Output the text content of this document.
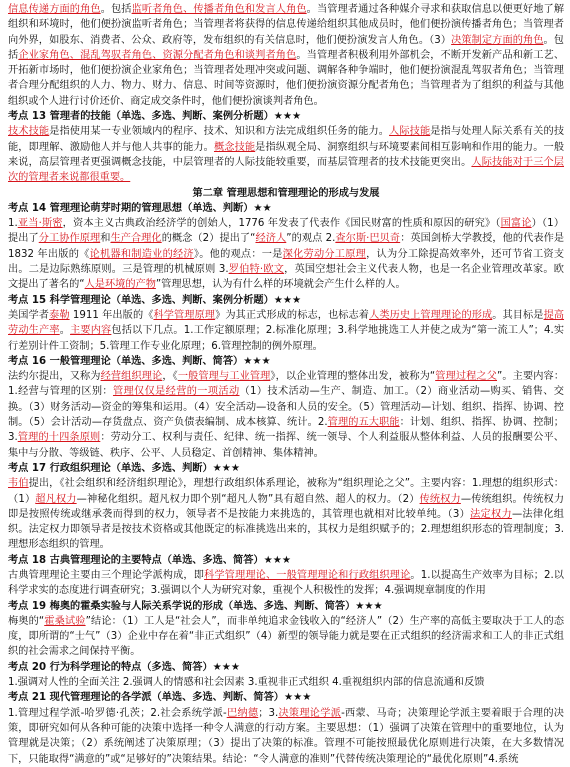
信息传递方面的角色。包括监听者角色、传播者角色和发言人角色。当管理者通过各种媒介寻求和获取信息以便更好地了解组织和环境时，他们便扮演监听者角色；当管理者将获得的信息传递给组织其他成员时，他们便扮演传播者角色；当管理者向外界，如股东、消费者、公众、政府等，发布组织的有关信息时，他们便扮演发言人角色。（3）决策制定方面的角色。包括企业家角色、混乱驾驭者角色、资源分配者角色和谈判者角色。当管理者积极利用外部机会，不断开发新产品和新工艺、开拓新市场时，他们便扮演企业家角色；当管理者处理冲突或问题、调解各种争端时，他们便扮演混乱驾驭者角色；当管理者合理分配组织的人力、物力、财力、信息、时间等资源时，他们便扮演资源分配者角色；当管理者为了组织的利益与其他组织或个人进行讨价还价、商定成交条件时，他们便扮演谈判者角色。

考点 13 管理者的技能（单选、多选、判断、案例分析题）★★★

技术技能是指使用某一专业领域内的程序、技术、知识和方法完成组织任务的能力。人际技能是指与处理人际关系有关的技能，即理解、激励他人并与他人共事的能力。概念技能是指纵观全局、洞察组织与环境要素间相互影响和作用的能力。一般来说，高层管理者更强调概念技能，中层管理者的人际技能较重要，而基层管理者的技术技能更突出。人际技能对于三个层次的管理者来说都很重要。

第二章 管理思想和管理理论的形成与发展

考点 14 管理理论萌芽时期的管理思想（单选、判断）★★

1.亚当·斯密，资本主义古典政治经济学的创始人，1776 年发表了代表作《国民财富的性质和原因的研究》（国富论）（1）提出了分工协作原理和生产合理化的概念（2）提出了“经济人”的观点 2.查尔斯·巴贝奇：英国剑桥大学教授，他的代表作是 1832 年出版的《论机器和制造业的经济》。他的观点：一是深化劳动分工原理，认为分工除提高效率外，还可节省工资支出。二是边际熟练原则。三是管理的机械原则 3.罗伯特·欧文，英国空想社会主义代表人物，也是一名企业管理改革家。欧文提出了著名的“人是环境的产物”管理思想，认为有什么样的环境就会产生什么样的人。

考点 15 科学管理理论（单选、多选、判断、案例分析题）★★★

美国学者泰勒 1911 年出版的《科学管理原理》为其正式形成的标志，也标志着人类历史上管理理论的形成。其目标是提高劳动生产率。主要内容包括以下几点。1.工作定额原理；2.标准化原理；3.科学地挑选工人并使之成为“第一流工人”；4.实行差别计件工资制；5.管理工作专业化原理；6.管理控制的例外原理。

考点 16 一般管理理论（单选、多选、判断、简答）★★★

法约尔提出，又称为经营组织理论，《一般管理与工业管理》，以企业管理的整体出发，被称为“管理过程之父”。主要内容：1.经营与管理的区别：管理仅仅是经营的一项活动（1）技术活动—生产、制造、加工。（2）商业活动—购买、销售、交换。（3）财务活动—资金的筹集和运用。（4）安全活动—设备和人员的安全。（5）管理活动—计划、组织、指挥、协调、控制。（5）会计活动—存货盘点、资产负债表编制、成本核算、统计。2.管理的五大职能：计划、组织、指挥、协调、控制；3.管理的十四条原则：劳动分工、权利与责任、纪律、统一指挥、统一领导、个人利益服从整体利益、人员的报酬要公平、集中与分散、等级链、秩序、公平、人员稳定、首创精神、集体精神。

考点 17 行政组织理论（单选、多选、判断）★★★

韦伯提出，《社会组织和经济组织理论》，理想行政组织体系理论，被称为“组织理论之父”。主要内容：1.理想的组织形式：（1）超凡权力—神秘化组织。超凡权力即个别“超凡人物”具有超自然、超人的权力。（2）传统权力—传统组织。传统权力即是按照传统或继承袭而得到的权力，领导者不是按能力来挑选的，其管理也就相对比较单纯。（3）法定权力—法律化组织。法定权力即领导者是按技术资格或其他既定的标准挑选出来的，其权力是组织赋予的；2.理想组织形态的管理制度；3.理想形态组织的管理。

考点 18 古典管理理论的主要特点（单选、多选、简答）★★★

古典管理理论主要由三个理论学派构成，即科学管理理论、一般管理理论和行政组织理论。1.以提高生产效率为目标；2.以科学求实的态度进行调查研究；3.强调以个人为研究对象，重视个人积极性的发挥；4.强调规章制度的作用

考点 19 梅奥的霍桑实验与人际关系学说的形成（单选、多选、判断、简答）★★★

梅奥的“霍桑试验”结论：（1）工人是“社会人”，而非单纯追求金钱收入的“经济人”（2）生产率的高低主要取决于工人的态度，即所谓的“士气”（3）企业中存在着“非正式组织”（4）新型的领导能力就是要在正式组织的经济需求和工人的非正式组织的社会需求之间保持平衡。

考点 20 行为科学理论的特点（多选、简答）★★★

1.强调对人性的全面关注 2.强调人的情感和社会因素 3.重视非正式组织 4.重视组织内部的信息流通和反馈

考点 21 现代管理理论的各学派（单选、多选、判断、简答）★★★

1.管理过程学派-哈罗德·孔茨；2.社会系统学派-巴纳德；3.决策理论学派-西蒙、马奇；决策理论学派主要着眼于合理的决策，即研究如何从各种可能的决策中选择一种令人满意的行动方案。主要思想：（1）强调了决策在管理中的重要地位，认为管理就是决策；（2）系统阐述了决策原理；（3）提出了决策的标准。管理不可能按照最优化原则进行决策，在大多数情况下，只能取得“满意的”或“足够好的”决策结果。结论：“令人满意的准则”代替传统决策理论的“最优化原则”4.系统
